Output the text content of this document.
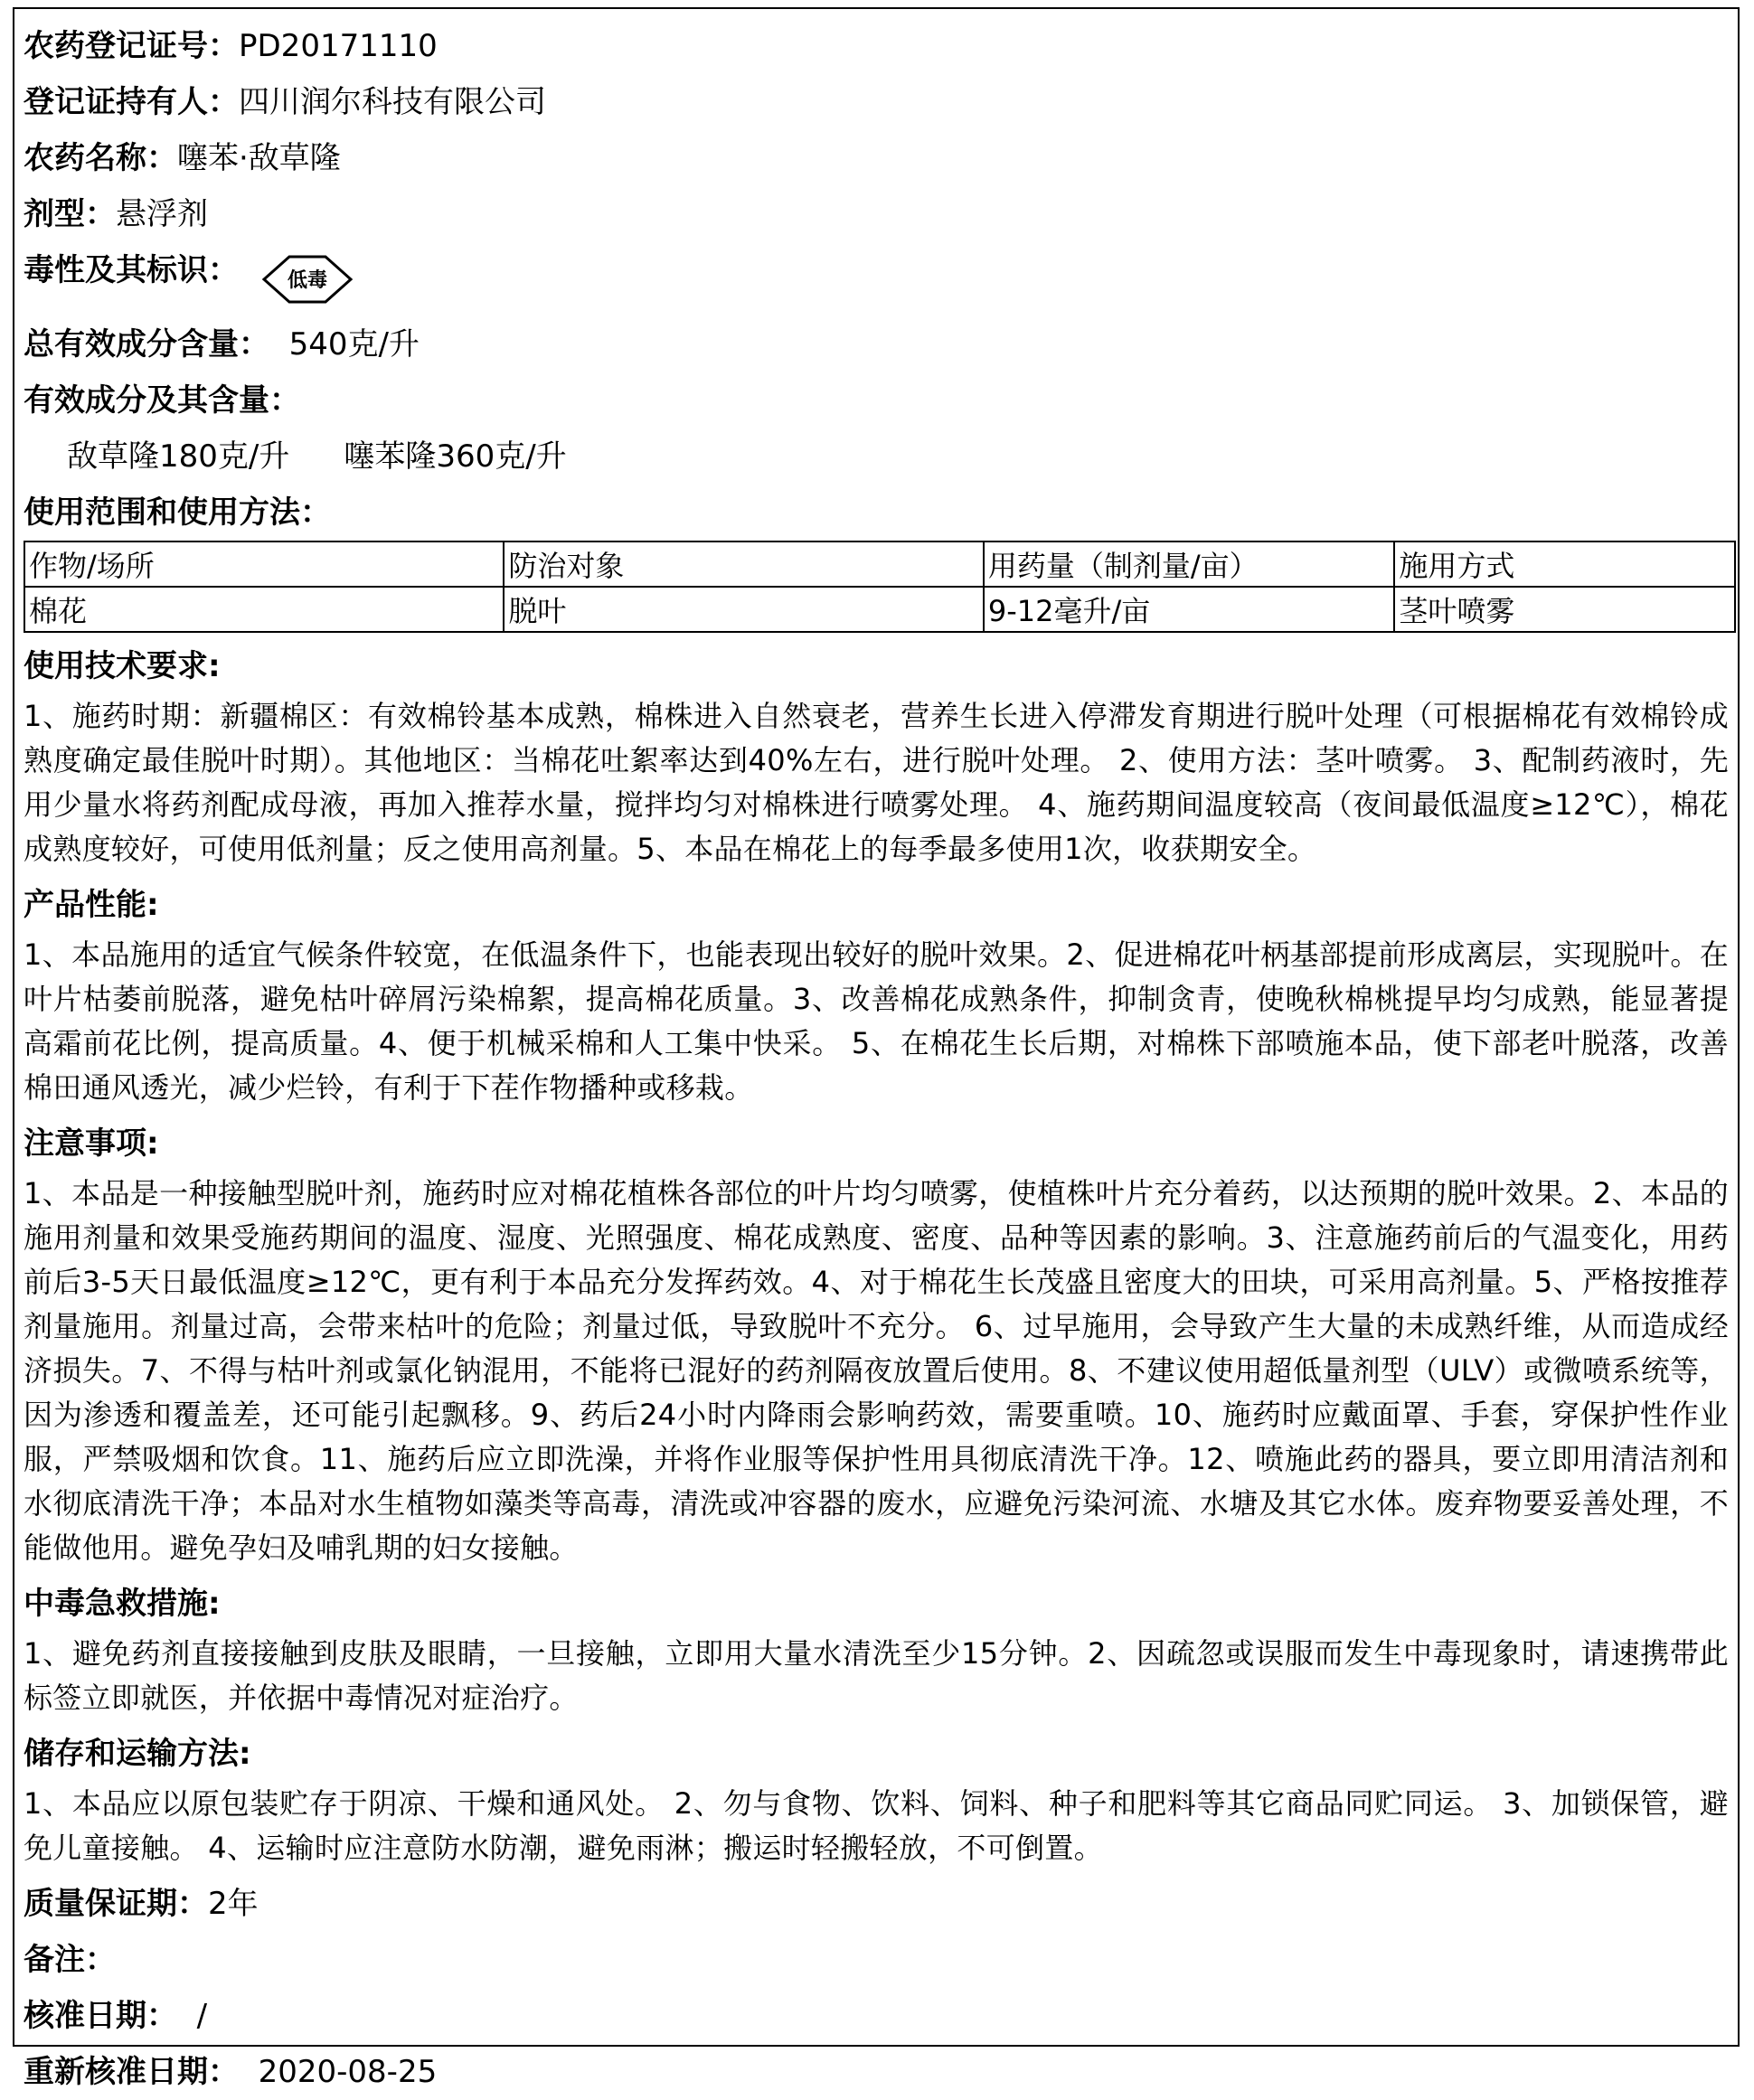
农药登记证号：PD20171110
登记证持有人：四川润尔科技有限公司
农药名称：噻苯·敌草隆
剂型：悬浮剂
毒性及其标识： 低毒
总有效成分含量： 540克/升
有效成分及其含量：
敌草隆180克/升 噻苯隆360克/升
使用范围和使用方法：
作物/场所	防治对象	用药量（制剂量/亩）	施用方式
棉花	脱叶	9-12毫升/亩	茎叶喷雾
使用技术要求:
1、施药时期：新疆棉区：有效棉铃基本成熟，棉株进入自然衰老，营养生长进入停滞发育期进行脱叶处理（可根据棉花有效棉铃成熟度确定最佳脱叶时期）。其他地区：当棉花吐絮率达到40%左右，进行脱叶处理。 2、使用方法：茎叶喷雾。 3、配制药液时，先用少量水将药剂配成母液，再加入推荐水量，搅拌均匀对棉株进行喷雾处理。 4、施药期间温度较高（夜间最低温度≥12℃），棉花成熟度较好，可使用低剂量；反之使用高剂量。5、本品在棉花上的每季最多使用1次，收获期安全。
产品性能:
1、本品施用的适宜气候条件较宽，在低温条件下，也能表现出较好的脱叶效果。2、促进棉花叶柄基部提前形成离层，实现脱叶。在叶片枯萎前脱落，避免枯叶碎屑污染棉絮，提高棉花质量。3、改善棉花成熟条件，抑制贪青，使晚秋棉桃提早均匀成熟，能显著提高霜前花比例，提高质量。4、便于机械采棉和人工集中快采。 5、在棉花生长后期，对棉株下部喷施本品，使下部老叶脱落，改善棉田通风透光，减少烂铃，有利于下茬作物播种或移栽。
注意事项:
1、本品是一种接触型脱叶剂，施药时应对棉花植株各部位的叶片均匀喷雾，使植株叶片充分着药，以达预期的脱叶效果。2、本品的施用剂量和效果受施药期间的温度、湿度、光照强度、棉花成熟度、密度、品种等因素的影响。3、注意施药前后的气温变化，用药前后3-5天日最低温度≥12℃，更有利于本品充分发挥药效。4、对于棉花生长茂盛且密度大的田块，可采用高剂量。5、严格按推荐剂量施用。剂量过高，会带来枯叶的危险；剂量过低，导致脱叶不充分。 6、过早施用，会导致产生大量的未成熟纤维，从而造成经济损失。7、不得与枯叶剂或氯化钠混用，不能将已混好的药剂隔夜放置后使用。8、不建议使用超低量剂型（ULV）或微喷系统等，因为渗透和覆盖差，还可能引起飘移。9、药后24小时内降雨会影响药效，需要重喷。10、施药时应戴面罩、手套，穿保护性作业服，严禁吸烟和饮食。11、施药后应立即洗澡，并将作业服等保护性用具彻底清洗干净。12、喷施此药的器具，要立即用清洁剂和水彻底清洗干净；本品对水生植物如藻类等高毒，清洗或冲容器的废水，应避免污染河流、水塘及其它水体。废弃物要妥善处理，不能做他用。避免孕妇及哺乳期的妇女接触。
中毒急救措施:
1、避免药剂直接接触到皮肤及眼睛，一旦接触，立即用大量水清洗至少15分钟。2、因疏忽或误服而发生中毒现象时，请速携带此标签立即就医，并依据中毒情况对症治疗。
储存和运输方法:
1、本品应以原包装贮存于阴凉、干燥和通风处。 2、勿与食物、饮料、饲料、种子和肥料等其它商品同贮同运。 3、加锁保管，避免儿童接触。 4、运输时应注意防水防潮，避免雨淋；搬运时轻搬轻放，不可倒置。
质量保证期：2年
备注：
核准日期： /
重新核准日期： 2020-08-25
